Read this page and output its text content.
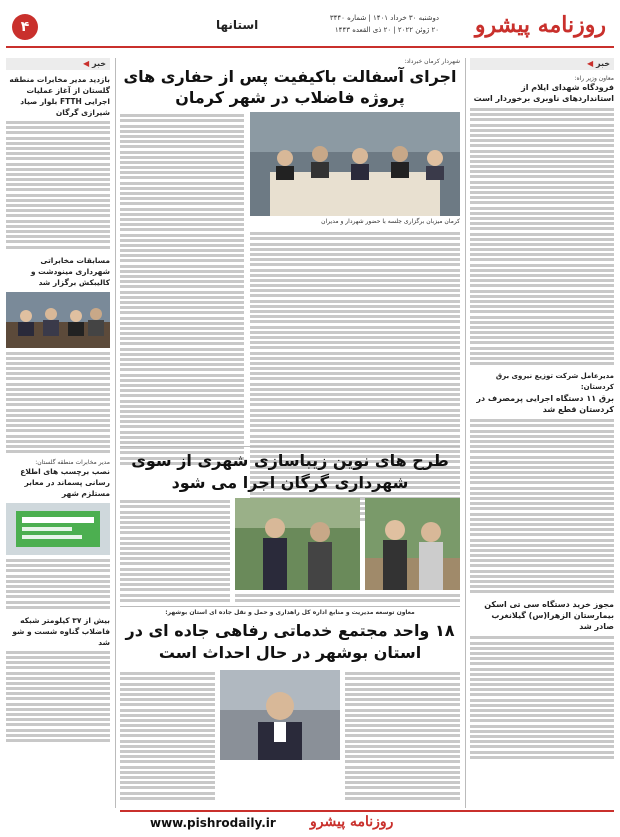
روزنامه پیشرو
دوشنبه ۳۰ خرداد ۱۴۰۱ | شماره ۳۴۴۰
۲۰ ژوئن ۲۰۲۲ | ۲۰ ذی القعده ۱۴۴۳
استانها
۴
خبر ◀
معاون وزیر راه:
فرودگاه شهدای ایلام از استانداردهای ناوبری برخوردار است
مدیرعامل شرکت توزیع نیروی برق کردستان:
برق ۱۱ دستگاه اجرایی پرمصرف در کردستان قطع شد
مجوز خرید دستگاه سی تی اسکن بیمارستان الزهرا(س) گیلانغرب صادر شد
خبر ◀
بازدید مدیر مخابرات منطقه گلستان از آغاز عملیات اجرایی FTTH بلوار صیاد شیرازی گرگان
مسابقات مخابراتی شهرداری مینودشت و کالیبکش برگزار شد
مدیر مخابرات منطقه گلستان:
نصب برچسب های اطلاع رسانی پسماند در معابر مستلزم شهر
بیش از ۳۷ کیلومتر شبکه فاضلاب گناوه شست و شو شد
شهردار کرمان خبرداد:
اجرای آسفالت باکیفیت پس از حفاری های پروژه فاضلاب در شهر کرمان
کرمان میزبان برگزاری جلسه با حضور شهردار و مدیران
طرح های نوین زیباسازی شهری از سوی شهرداری گرگان اجرا می شود
معاون توسعه مدیریت و منابع اداره کل راهداری و حمل و نقل جاده ای استان بوشهر:
۱۸ واحد مجتمع خدماتی رفاهی جاده ای در استان بوشهر در حال احداث است
www.pishrodaily.ir روزنامه پیشرو
